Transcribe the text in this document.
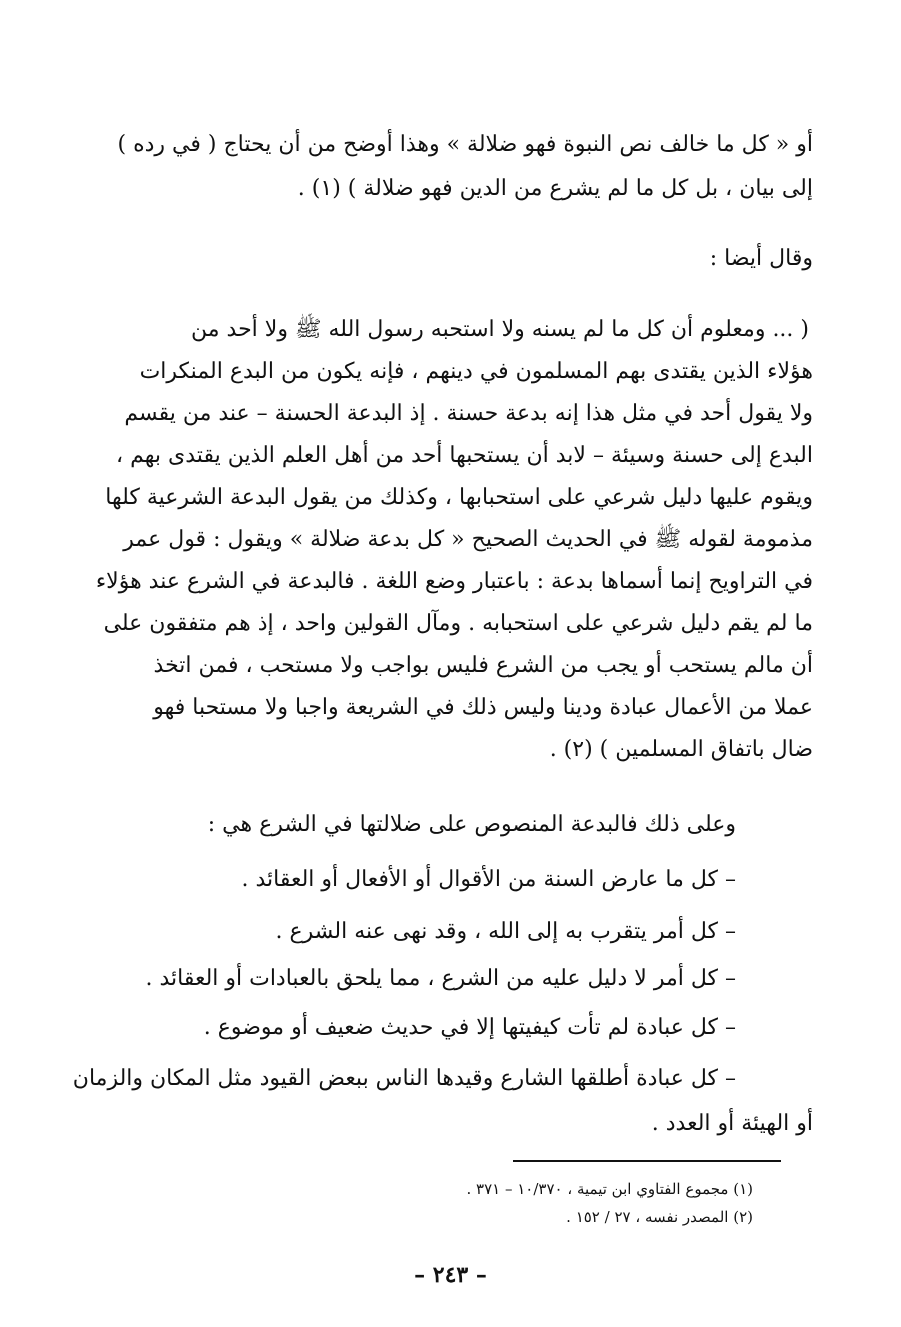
أو « كل ما خالف نص النبوة فهو ضلالة » وهذا أوضح من أن يحتاج ( في رده )
إلى بيان ، بل كل ما لم يشرع من الدين فهو ضلالة ) (١) .
وقال أيضا :
( ... ومعلوم أن كل ما لم يسنه ولا استحبه رسول الله ﷺ ولا أحد من
هؤلاء الذين يقتدى بهم المسلمون في دينهم ، فإنه يكون من البدع المنكرات
ولا يقول أحد في مثل هذا إنه بدعة حسنة . إذ البدعة الحسنة – عند من يقسم
البدع إلى حسنة وسيئة – لابد أن يستحبها أحد من أهل العلم الذين يقتدى بهم ،
ويقوم عليها دليل شرعي على استحبابها ، وكذلك من يقول البدعة الشرعية كلها
مذمومة لقوله ﷺ في الحديث الصحيح « كل بدعة ضلالة » ويقول : قول عمر
في التراويح إنما أسماها بدعة : باعتبار وضع اللغة . فالبدعة في الشرع عند هؤلاء
ما لم يقم دليل شرعي على استحبابه . ومآل القولين واحد ، إذ هم متفقون على
أن مالم يستحب أو يجب من الشرع فليس بواجب ولا مستحب ، فمن اتخذ
عملا من الأعمال عبادة ودينا وليس ذلك في الشريعة واجبا ولا مستحبا فهو
ضال باتفاق المسلمين ) (٢) .
وعلى ذلك فالبدعة المنصوص على ضلالتها في الشرع هي :
– كل ما عارض السنة من الأقوال أو الأفعال أو العقائد .
– كل أمر يتقرب به إلى الله ، وقد نهى عنه الشرع .
– كل أمر لا دليل عليه من الشرع ، مما يلحق بالعبادات أو العقائد .
– كل عبادة لم تأت كيفيتها إلا في حديث ضعيف أو موضوع .
– كل عبادة أطلقها الشارع وقيدها الناس ببعض القيود مثل المكان والزمان
أو الهيئة أو العدد .
(١) مجموع الفتاوي ابن تيمية ، ١٠/٣٧٠ – ٣٧١ .
(٢) المصدر نفسه ، ٢٧ / ١٥٢ .
– ٢٤٣ –
